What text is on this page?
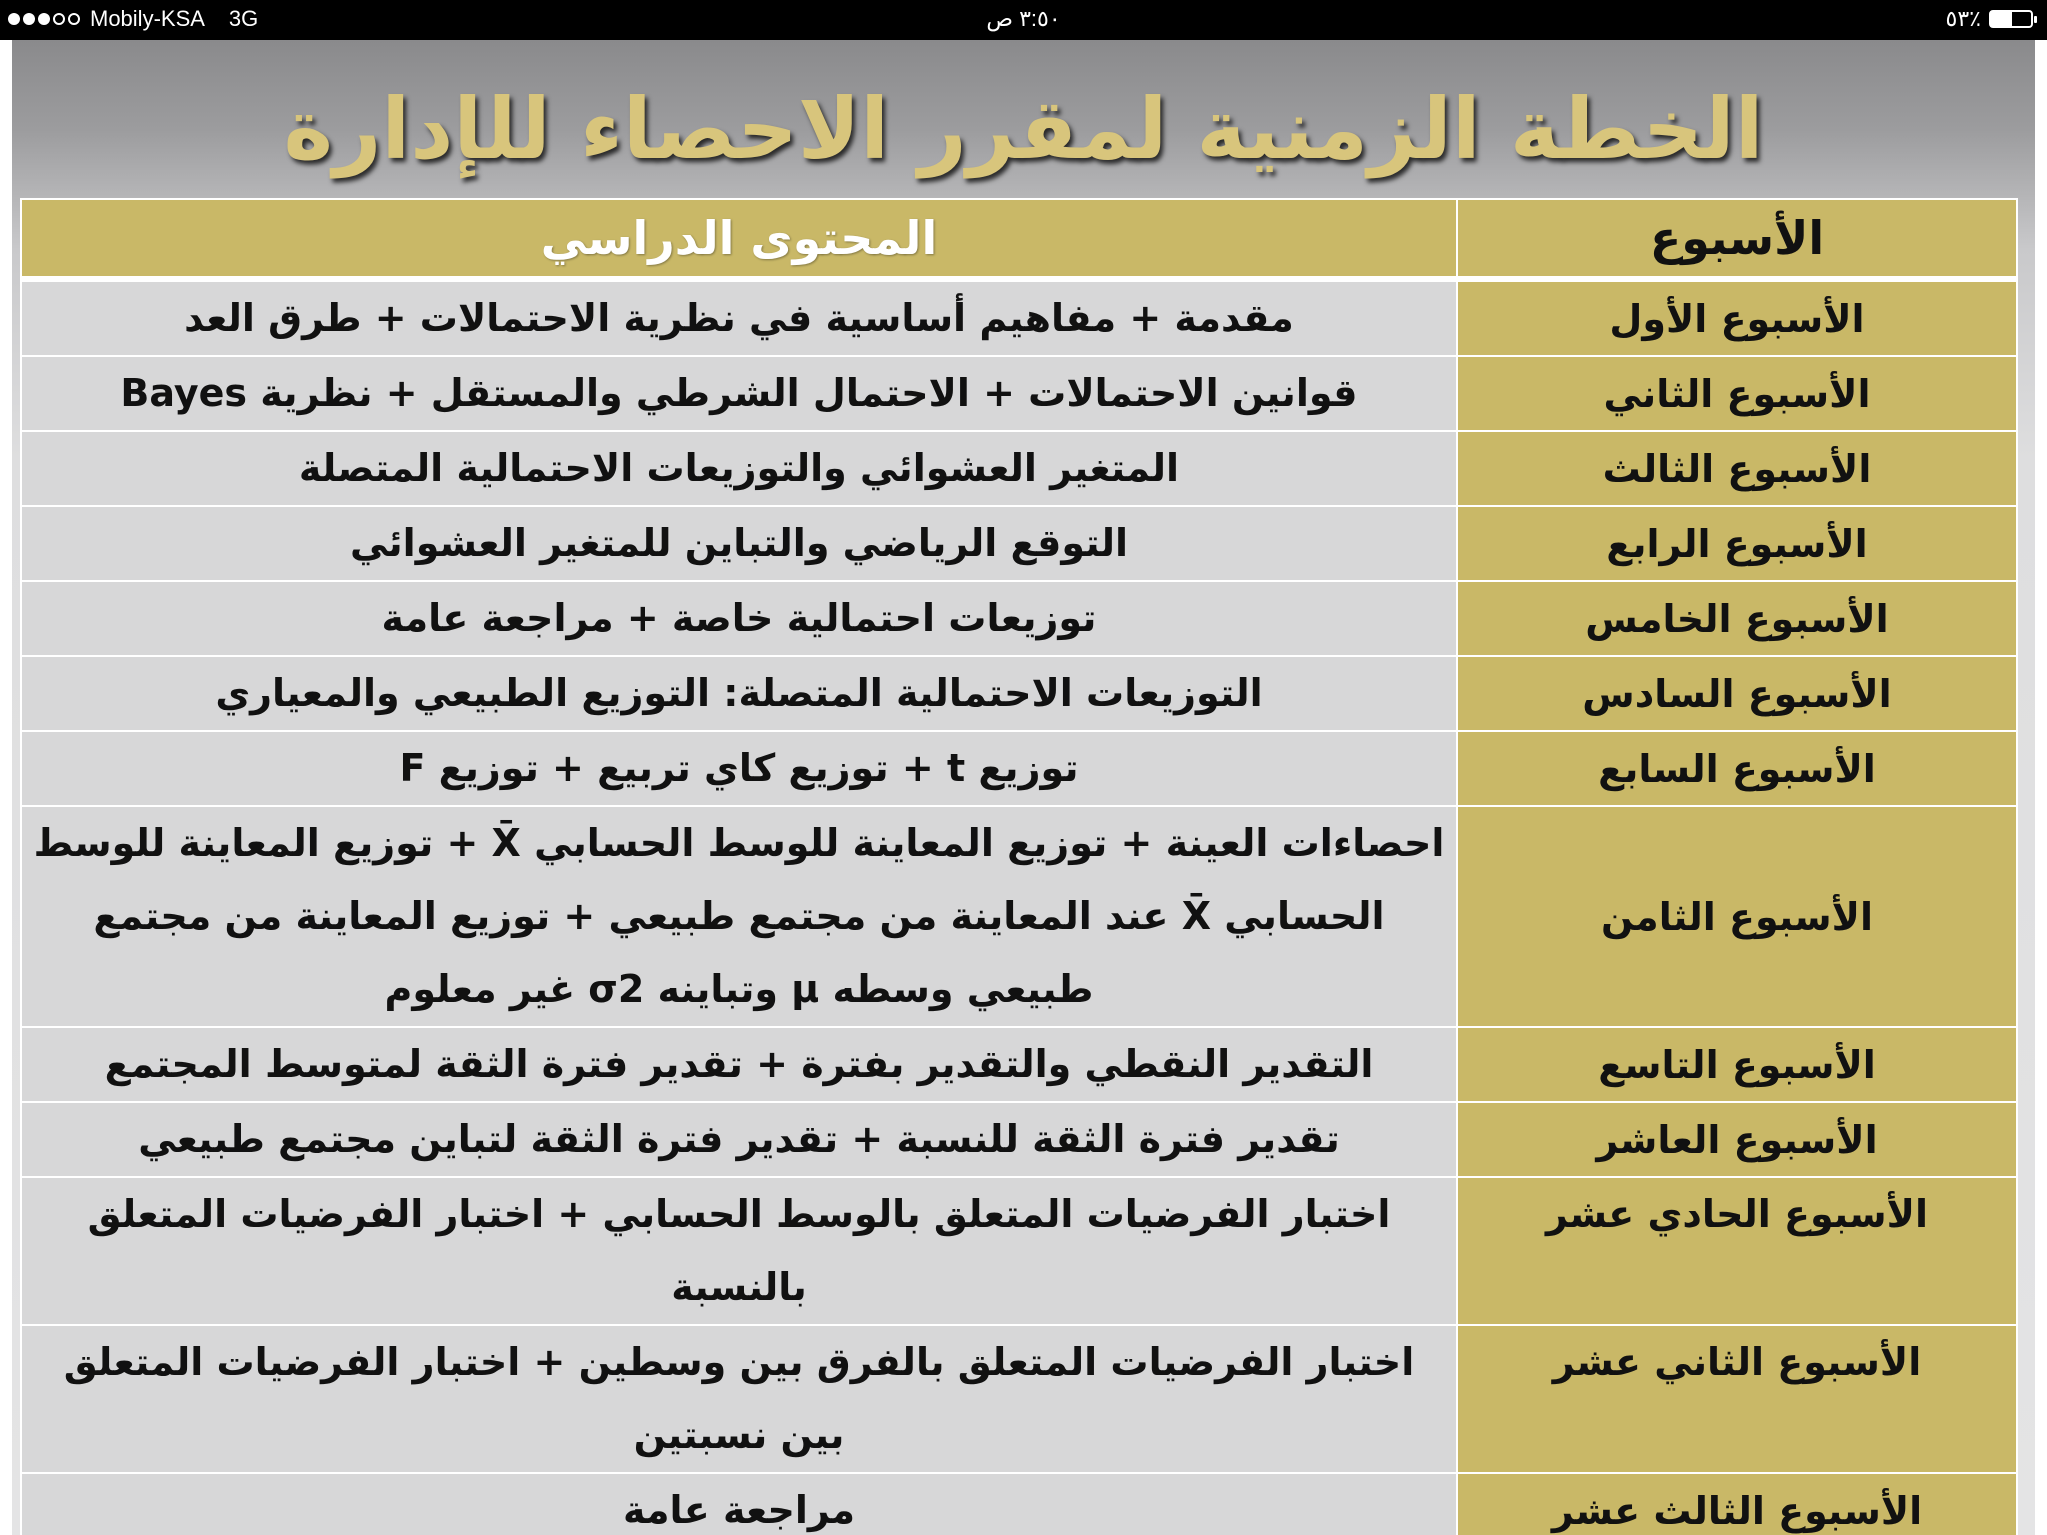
Mobily-KSA 3G	٣:٥٠ ص	٥٣٪
الخطة الزمنية لمقرر الاحصاء للإدارة
الأسبوع	المحتوى الدراسي
الأسبوع الأول	مقدمة + مفاهيم أساسية في نظرية الاحتمالات + طرق العد
الأسبوع الثاني	قوانين الاحتمالات + الاحتمال الشرطي والمستقل + نظرية Bayes
الأسبوع الثالث	المتغير العشوائي والتوزيعات الاحتمالية المتصلة
الأسبوع الرابع	التوقع الرياضي والتباين للمتغير العشوائي
الأسبوع الخامس	توزيعات احتمالية خاصة + مراجعة عامة
الأسبوع السادس	التوزيعات الاحتمالية المتصلة: التوزيع الطبيعي والمعياري
الأسبوع السابع	توزيع t + توزيع كاي تربيع + توزيع F
الأسبوع الثامن	احصاءات العينة + توزيع المعاينة للوسط الحسابي X̄ + توزيع المعاينة للوسط الحسابي X̄ عند المعاينة من مجتمع طبيعي + توزيع المعاينة من مجتمع طبيعي وسطه μ وتباينه σ2 غير معلوم
الأسبوع التاسع	التقدير النقطي والتقدير بفترة + تقدير فترة الثقة لمتوسط المجتمع
الأسبوع العاشر	تقدير فترة الثقة للنسبة + تقدير فترة الثقة لتباين مجتمع طبيعي
الأسبوع الحادي عشر	اختبار الفرضيات المتعلق بالوسط الحسابي + اختبار الفرضيات المتعلق بالنسبة
الأسبوع الثاني عشر	اختبار الفرضيات المتعلق بالفرق بين وسطين + اختبار الفرضيات المتعلق بين نسبتين
الأسبوع الثالث عشر	مراجعة عامة
